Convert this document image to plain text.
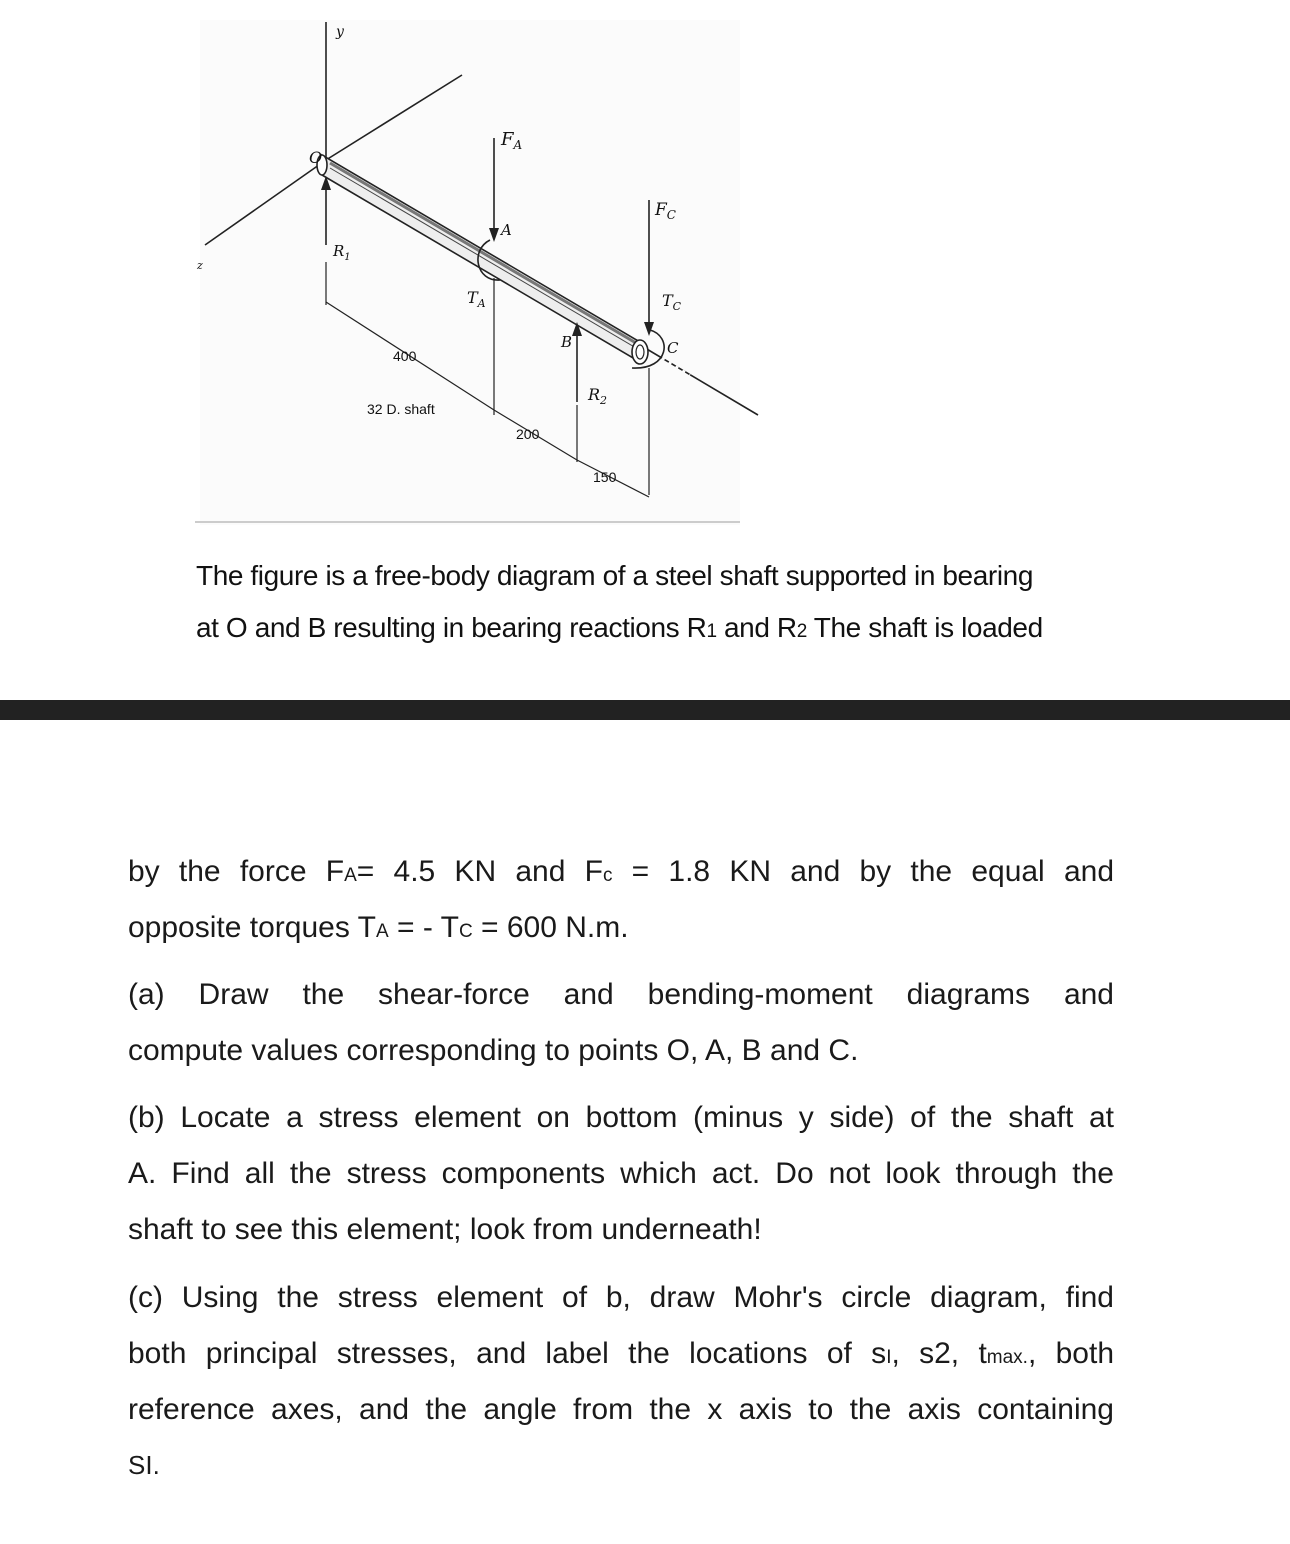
y
z
O
A
B	C
$F_A$
$F_C$
$T_A$	$T_C$
$R_1$
$R_2$
400
32 D. shaft
200
150
The figure is a free-body diagram of a steel shaft supported in bearing
at O and B resulting in bearing reactions R1 and R2 The shaft is loaded
by the force FA= 4.5 KN and Fc = 1.8 KN and by the equal and
opposite torques TA = - TC = 600 N.m.
(a) Draw the shear-force and bending-moment diagrams and
compute values corresponding to points O, A, B and C.
(b) Locate a stress element on bottom (minus y side) of the shaft at
A. Find all the stress components which act. Do not look through the
shaft to see this element; look from underneath!
(c) Using the stress element of b, draw Mohr's circle diagram, find
both principal stresses, and label the locations of sI, s2, tmax., both
reference axes, and the angle from the x axis to the axis containing
SI.
